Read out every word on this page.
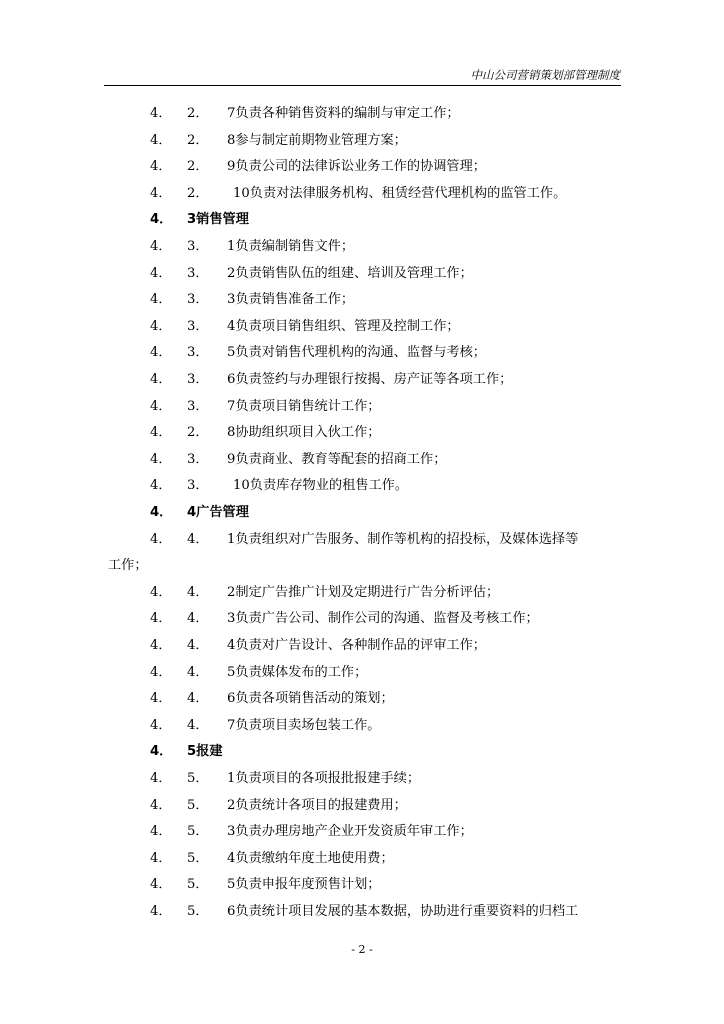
中山公司营销策划部管理制度
4． 2． 7负责各种销售资料的编制与审定工作；
4． 2． 8参与制定前期物业管理方案；
4． 2． 9负责公司的法律诉讼业务工作的协调管理；
4． 2． 10负责对法律服务机构、租赁经营代理机构的监管工作。
4． 3销售管理
4． 3． 1负责编制销售文件；
4． 3． 2负责销售队伍的组建、培训及管理工作；
4． 3． 3负责销售准备工作；
4． 3． 4负责项目销售组织、管理及控制工作；
4． 3． 5负责对销售代理机构的沟通、监督与考核；
4． 3． 6负责签约与办理银行按揭、房产证等各项工作；
4． 3． 7负责项目销售统计工作；
4． 2． 8协助组织项目入伙工作；
4． 3． 9负责商业、教育等配套的招商工作；
4． 3． 10负责库存物业的租售工作。
4． 4广告管理
4． 4． 1负责组织对广告服务、制作等机构的招投标，及媒体选择等
工作；
4． 4． 2制定广告推广计划及定期进行广告分析评估；
4． 4． 3负责广告公司、制作公司的沟通、监督及考核工作；
4． 4． 4负责对广告设计、各种制作品的评审工作；
4． 4． 5负责媒体发布的工作；
4． 4． 6负责各项销售活动的策划；
4． 4． 7负责项目卖场包装工作。
4． 5报建
4． 5． 1负责项目的各项报批报建手续；
4． 5． 2负责统计各项目的报建费用；
4． 5． 3负责办理房地产企业开发资质年审工作；
4． 5． 4负责缴纳年度土地使用费；
4． 5． 5负责申报年度预售计划；
4． 5． 6负责统计项目发展的基本数据，协助进行重要资料的归档工
- 2 -
